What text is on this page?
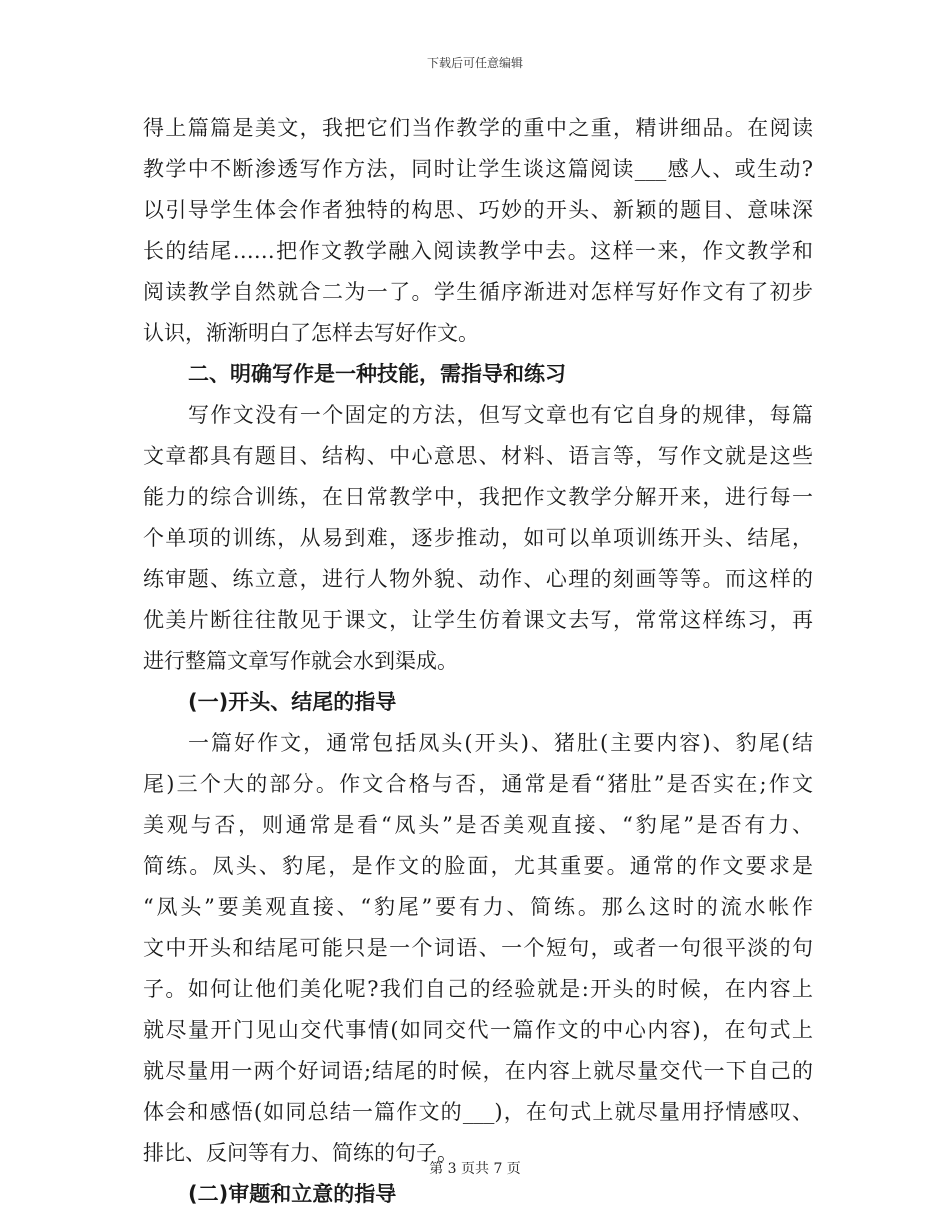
下载后可任意编辑
得上篇篇是美文，我把它们当作教学的重中之重，精讲细品。在阅读
教学中不断渗透写作方法，同时让学生谈这篇阅读___感人、或生动?
以引导学生体会作者独特的构思、巧妙的开头、新颖的题目、意味深
长的结尾……把作文教学融入阅读教学中去。这样一来，作文教学和
阅读教学自然就合二为一了。学生循序渐进对怎样写好作文有了初步
认识，渐渐明白了怎样去写好作文。
二、明确写作是一种技能，需指导和练习
写作文没有一个固定的方法，但写文章也有它自身的规律，每篇
文章都具有题目、结构、中心意思、材料、语言等，写作文就是这些
能力的综合训练，在日常教学中，我把作文教学分解开来，进行每一
个单项的训练，从易到难，逐步推动，如可以单项训练开头、结尾，
练审题、练立意，进行人物外貌、动作、心理的刻画等等。而这样的
优美片断往往散见于课文，让学生仿着课文去写，常常这样练习，再
进行整篇文章写作就会水到渠成。
(一)开头、结尾的指导
一篇好作文，通常包括凤头(开头)、猪肚(主要内容)、豹尾(结
尾)三个大的部分。作文合格与否，通常是看“猪肚”是否实在;作文
美观与否，则通常是看“凤头”是否美观直接、“豹尾”是否有力、
简练。凤头、豹尾，是作文的脸面，尤其重要。通常的作文要求是
“凤头”要美观直接、“豹尾”要有力、简练。那么这时的流水帐作
文中开头和结尾可能只是一个词语、一个短句，或者一句很平淡的句
子。如何让他们美化呢?我们自己的经验就是:开头的时候，在内容上
就尽量开门见山交代事情(如同交代一篇作文的中心内容)，在句式上
就尽量用一两个好词语;结尾的时候，在内容上就尽量交代一下自己的
体会和感悟(如同总结一篇作文的___)，在句式上就尽量用抒情感叹、
排比、反问等有力、简练的句子。
(二)审题和立意的指导
第 3 页共 7 页
